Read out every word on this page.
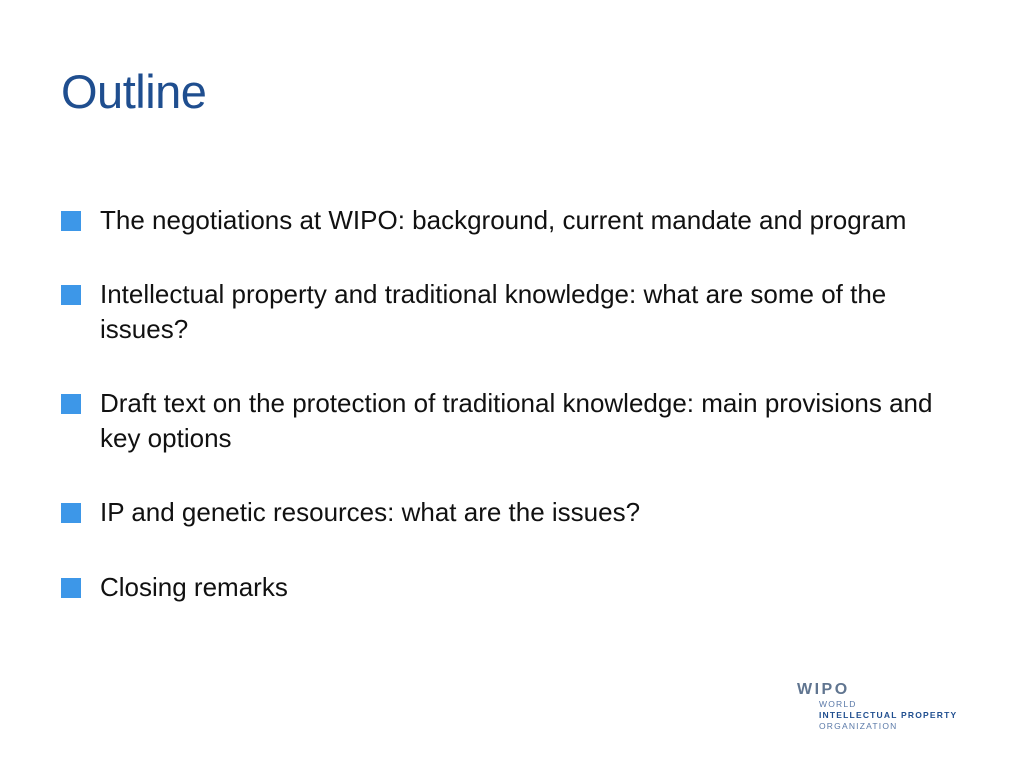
Outline
The negotiations at WIPO: background, current mandate and program
Intellectual property and traditional knowledge: what are some of the issues?
Draft text on the protection of traditional knowledge: main provisions and key options
IP and genetic resources: what are the issues?
Closing remarks
WIPO
WORLD
INTELLECTUAL PROPERTY
ORGANIZATION
